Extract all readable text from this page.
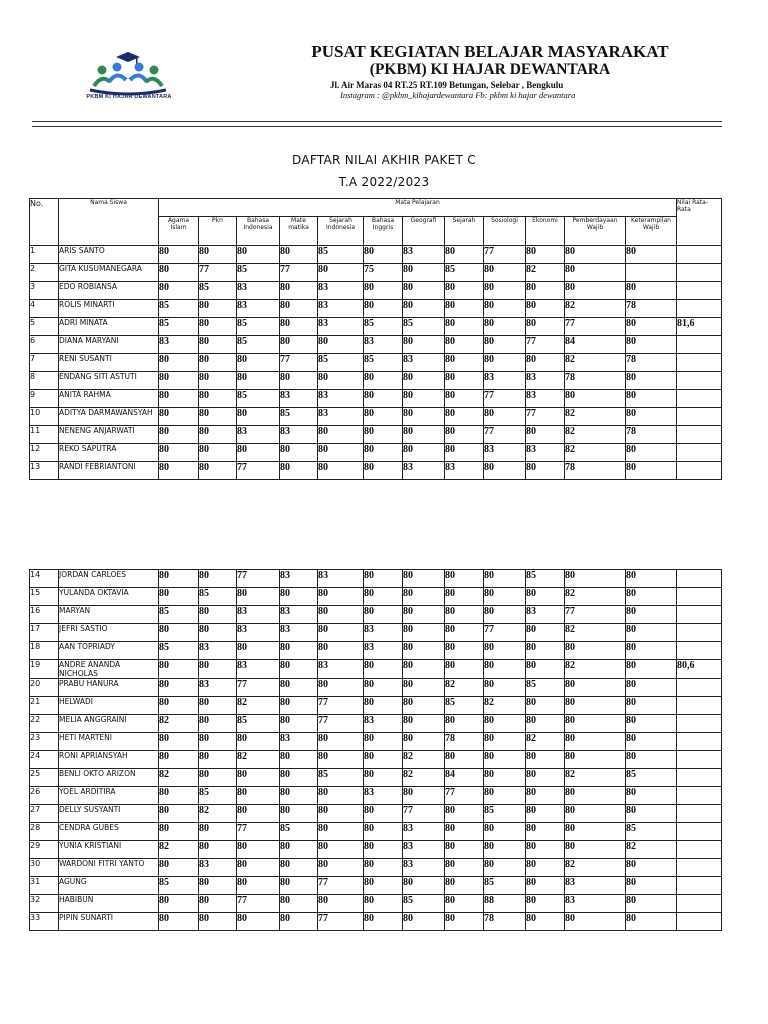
PKBM KI HAJAR DEWANTARA
PUSAT KEGIATAN BELAJAR MASYARAKAT
(PKBM) KI HAJAR DEWANTARA
Jl. Air Maras 04 RT.25 RT.109 Betungan, Selebar , Bengkulu
Instagram : @pkbm_kihajardewantara Fb: pkbm ki hajar dewantara
DAFTAR NILAI AKHIR PAKET C
T.A 2022/2023
No.	Nama Siswa	Mata Pelajaran												Nilai Rata-Rata
		Agama Islam	Pkn	Bahasa Indonesia	Mate matika	Sejarah Indonesia	Bahasa Inggris	Geografi	Sejarah	Sosiologi	Ekonomi	Pemberdayaan Wajib	Keterampilan Wajib	
1	ARIS SANTO	80	80	80	80	85	80	83	80	77	80	80	80	
2	GITA KUSUMANEGARA	80	77	85	77	80	75	80	85	80	82	80		
3	EDO ROBIANSA	80	85	83	80	83	80	80	80	80	80	80	80	
4	ROLIS MINARTI	85	80	83	80	83	80	80	80	80	80	82	78	
5	ADRI MINATA	85	80	85	80	83	85	85	80	80	80	77	80	81,6
6	DIANA MARYANI	83	80	85	80	80	83	80	80	80	77	84	80	
7	RENI SUSANTI	80	80	80	77	85	85	83	80	80	80	82	78	
8	ENDANG SITI ASTUTI	80	80	80	80	80	80	80	80	83	83	78	80	
9	ANITA RAHMA	80	80	85	83	83	80	80	80	77	83	80	80	
10	ADITYA DARMAWANSYAH	80	80	80	85	83	80	80	80	80	77	82	80	
11	NENENG ANJARWATI	80	80	83	83	80	80	80	80	77	80	82	78	
12	REKO SAPUTRA	80	80	80	80	80	80	80	80	83	83	82	80	
13	RANDI FEBRIANTONI	80	80	77	80	80	80	83	83	80	80	78	80	
14	JORDAN CARLOES	80	80	77	83	83	80	80	80	80	85	80	80	
15	YULANDA OKTAVIA	80	85	80	80	80	80	80	80	80	80	82	80	
16	MARYAN	85	80	83	83	80	80	80	80	80	83	77	80	
17	JEFRI SASTIO	80	80	83	83	80	83	80	80	77	80	82	80	
18	AAN TOPRIADY	85	83	80	80	80	83	80	80	80	80	80	80	
19	ANDRE ANANDA NICHOLAS	80	80	83	80	83	80	80	80	80	80	82	80	80,6
20	PRABU HANURA	80	83	77	80	80	80	80	82	80	85	80	80	
21	HELWADI	80	80	82	80	77	80	80	85	82	80	80	80	
22	MELIA ANGGRAINI	82	80	85	80	77	83	80	80	80	80	80	80	
23	HETI MARTENI	80	80	80	83	80	80	80	78	80	82	80	80	
24	RONI APRIANSYAH	80	80	82	80	80	80	82	80	80	80	80	80	
25	BENLI OKTO ARIZON	82	80	80	80	85	80	82	84	80	80	82	85	
26	YOEL ARDITIRA	80	85	80	80	80	83	80	77	80	80	80	80	
27	DELLY SUSYANTI	80	82	80	80	80	80	77	80	85	80	80	80	
28	CENDRA GUBES	80	80	77	85	80	80	83	80	80	80	80	85	
29	YUNIA KRISTIANI	82	80	80	80	80	80	83	80	80	80	80	82	
30	WARDONI FITRI YANTO	80	83	80	80	80	80	83	80	80	80	82	80	
31	AGUNG	85	80	80	80	77	80	80	80	85	80	83	80	
32	HABIBUN	80	80	77	80	80	80	85	80	88	80	83	80	
33	PIPIN SUNARTI	80	80	80	80	77	80	80	80	78	80	80	80	
